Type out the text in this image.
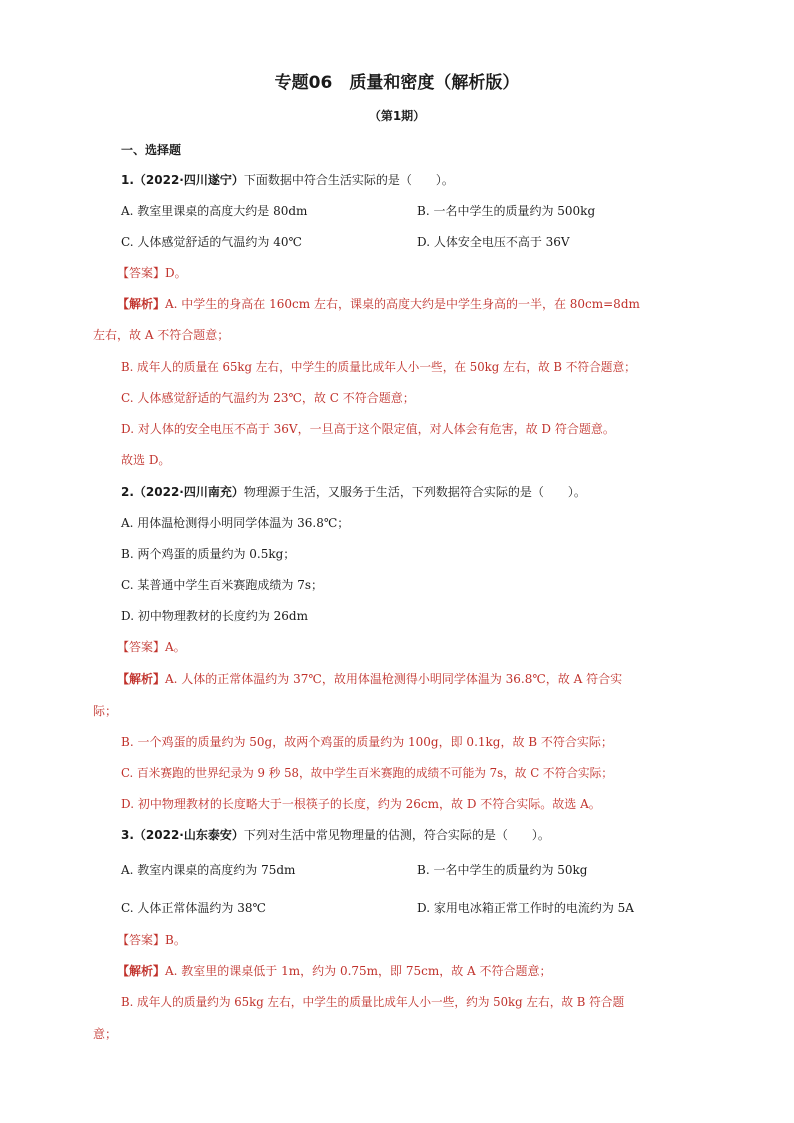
专题06　质量和密度（解析版）
（第1期）
一、选择题
1.（2022·四川遂宁）下面数据中符合生活实际的是（　　）。
A. 教室里课桌的高度大约是 80dm	B. 一名中学生的质量约为 500kg
C. 人体感觉舒适的气温约为 40℃	D. 人体安全电压不高于 36V
【答案】D。
【解析】A. 中学生的身高在 160cm 左右，课桌的高度大约是中学生身高的一半，在 80cm=8dm
左右，故 A 不符合题意；
B. 成年人的质量在 65kg 左右，中学生的质量比成年人小一些，在 50kg 左右，故 B 不符合题意；
C. 人体感觉舒适的气温约为 23℃，故 C 不符合题意；
D. 对人体的安全电压不高于 36V，一旦高于这个限定值，对人体会有危害，故 D 符合题意。
故选 D。
2.（2022·四川南充）物理源于生活，又服务于生活，下列数据符合实际的是（　　）。
A. 用体温枪测得小明同学体温为 36.8℃；
B. 两个鸡蛋的质量约为 0.5kg；
C. 某普通中学生百米赛跑成绩为 7s；
D. 初中物理教材的长度约为 26dm
【答案】A。
【解析】A. 人体的正常体温约为 37℃，故用体温枪测得小明同学体温为 36.8℃，故 A 符合实
际；
B. 一个鸡蛋的质量约为 50g，故两个鸡蛋的质量约为 100g，即 0.1kg，故 B 不符合实际；
C. 百米赛跑的世界纪录为 9 秒 58，故中学生百米赛跑的成绩不可能为 7s，故 C 不符合实际；
D. 初中物理教材的长度略大于一根筷子的长度，约为 26cm，故 D 不符合实际。故选 A。
3.（2022·山东泰安）下列对生活中常见物理量的估测，符合实际的是（　　）。
A. 教室内课桌的高度约为 75dm	B. 一名中学生的质量约为 50kg
C. 人体正常体温约为 38℃	D. 家用电冰箱正常工作时的电流约为 5A
【答案】B。
【解析】A. 教室里的课桌低于 1m，约为 0.75m，即 75cm，故 A 不符合题意；
B. 成年人的质量约为 65kg 左右，中学生的质量比成年人小一些，约为 50kg 左右，故 B 符合题
意；
